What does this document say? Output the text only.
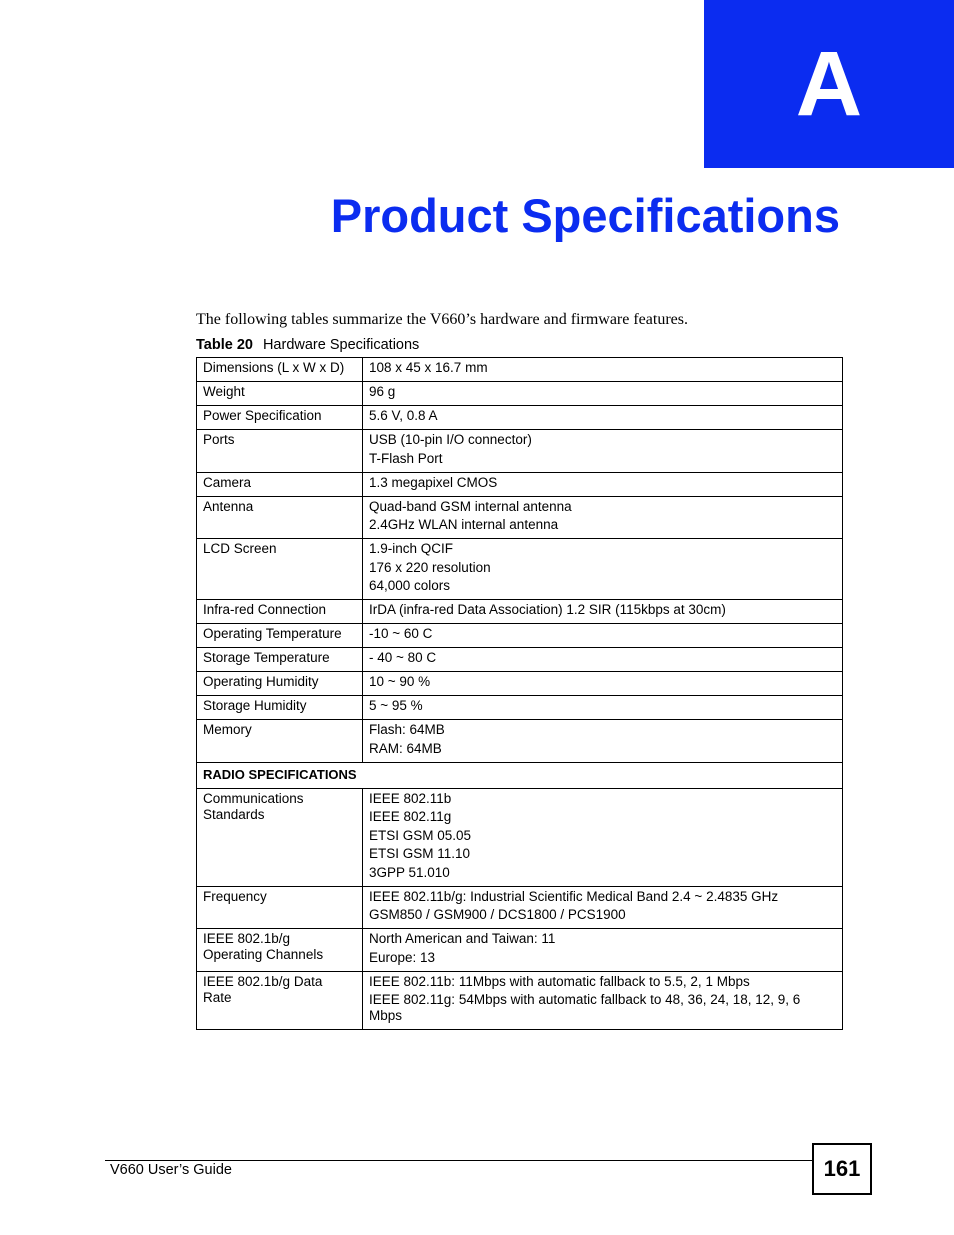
A
Product Specifications
The following tables summarize the V660’s hardware and firmware features.
Table 20 Hardware Specifications
Dimensions (L x W x D)	108 x 45 x 16.7 mm

Weight	96 g

Power Specification	5.6 V, 0.8 A

Ports	USB (10-pin I/O connector)
T-Flash Port

Camera	1.3 megapixel CMOS

Antenna	Quad-band GSM internal antenna
2.4GHz WLAN internal antenna

LCD Screen	1.9-inch QCIF
176 x 220 resolution
64,000 colors

Infra-red Connection	IrDA (infra-red Data Association) 1.2 SIR (115kbps at 30cm)

Operating Temperature	-10 ~ 60 C

Storage Temperature	- 40 ~ 80 C

Operating Humidity	10 ~ 90 %

Storage Humidity	5 ~ 95 %

Memory	Flash: 64MB
RAM: 64MB

RADIO SPECIFICATIONS	

Communications
Standards	IEEE 802.11b
IEEE 802.11g
ETSI GSM 05.05
ETSI GSM 11.10
3GPP 51.010

Frequency	IEEE 802.11b/g: Industrial Scientific Medical Band 2.4 ~ 2.4835 GHz
GSM850 / GSM900 / DCS1800 / PCS1900

IEEE 802.1b/g
Operating Channels	North American and Taiwan: 11
Europe: 13

IEEE 802.1b/g Data
Rate	IEEE 802.11b: 11Mbps with automatic fallback to 5.5, 2, 1 Mbps
IEEE 802.11g: 54Mbps with automatic fallback to 48, 36, 24, 18, 12, 9, 6 Mbps
V660 User’s Guide	161
